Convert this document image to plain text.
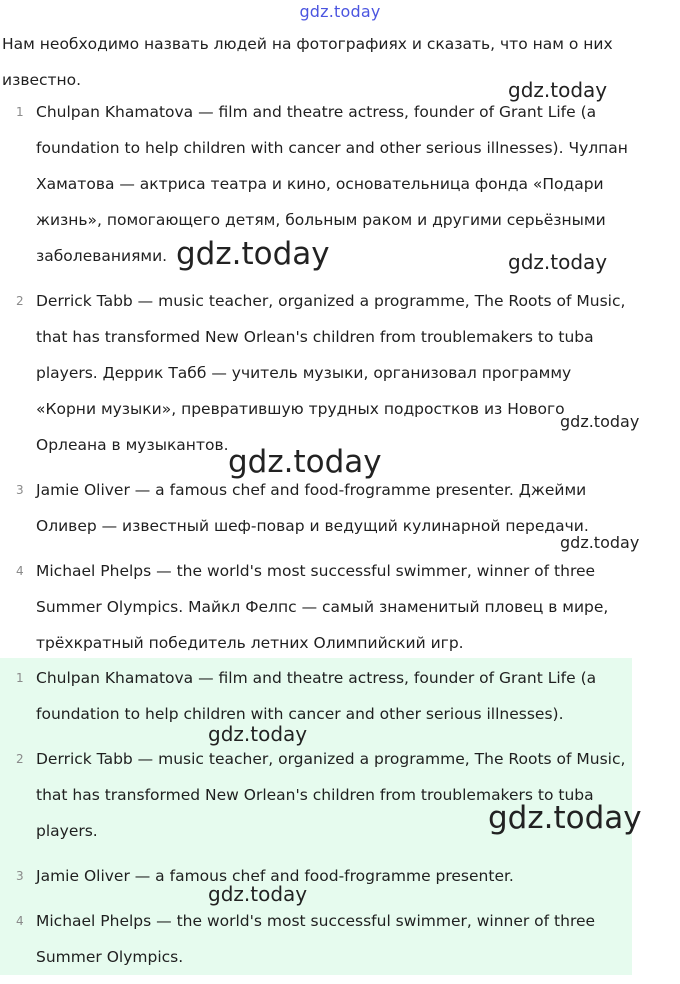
gdz.today
Нам необходимо назвать людей на фотографиях и сказать, что нам о них известно.
1 Chulpan Khamatova — film and theatre actress, founder of Grant Life (a foundation to help children with cancer and other serious illnesses). Чулпан Хаматова — актриса театра и кино, основательница фонда «Подари жизнь», помогающего детям, больным раком и другими серьёзными заболеваниями.
2 Derrick Tabb — music teacher, organized a programme, The Roots of Music, that has transformed New Orlean's children from troublemakers to tuba players. Деррик Табб — учитель музыки, организовал программу «Корни музыки», превратившую трудных подростков из Нового Орлеана в музыкантов.
3 Jamie Oliver — a famous chef and food-frogramme presenter. Джейми Оливер — известный шеф-повар и ведущий кулинарной передачи.
4 Michael Phelps — the world's most successful swimmer, winner of three Summer Olympics. Майкл Фелпс — самый знаменитый пловец в мире, трёхкратный победитель летних Олимпийский игр.
1 Chulpan Khamatova — film and theatre actress, founder of Grant Life (a foundation to help children with cancer and other serious illnesses).
2 Derrick Tabb — music teacher, organized a programme, The Roots of Music, that has transformed New Orlean's children from troublemakers to tuba players.
3 Jamie Oliver — a famous chef and food-frogramme presenter.
4 Michael Phelps — the world's most successful swimmer, winner of three Summer Olympics.
gdz.today
gdz.today	gdz.today
gdz.today
gdz.today
gdz.today
gdz.today
gdz.today
gdz.today
